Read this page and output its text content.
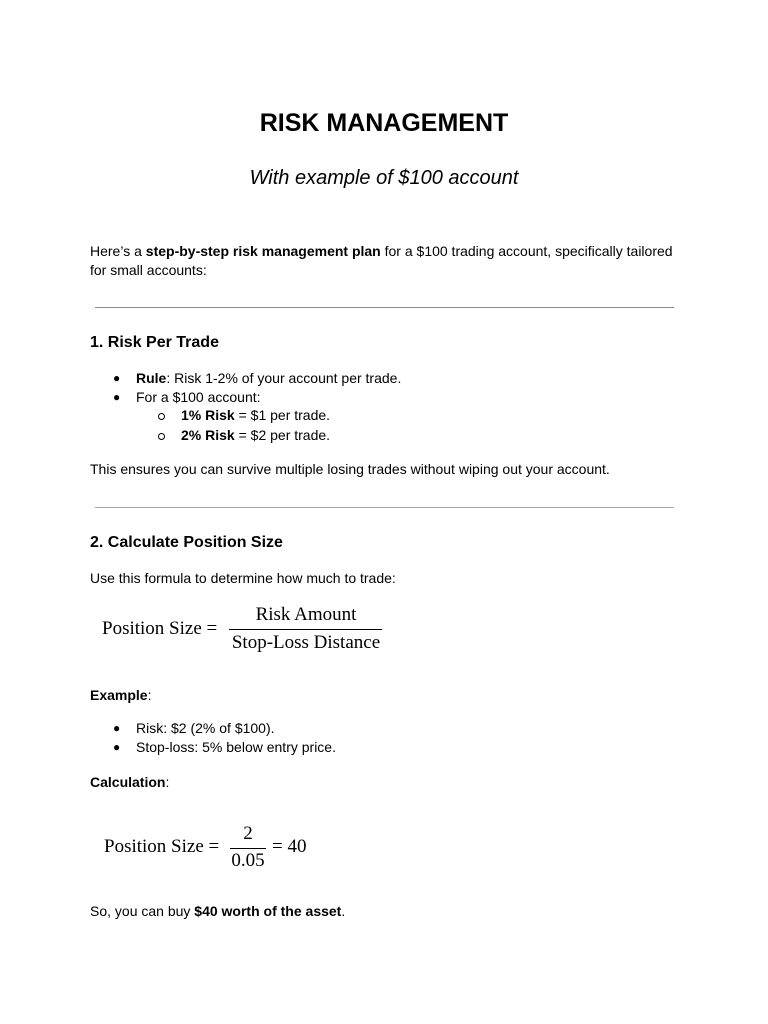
RISK MANAGEMENT
With example of $100 account
Here’s a step-by-step risk management plan for a $100 trading account, specifically tailored
for small accounts:
1. Risk Per Trade
● Rule: Risk 1-2% of your account per trade.
● For a $100 account:
1% Risk = $1 per trade.
2% Risk = $2 per trade.
This ensures you can survive multiple losing trades without wiping out your account.
2. Calculate Position Size
Use this formula to determine how much to trade:
Position Size =
Risk Amount
Stop-Loss Distance
Example:
● Risk: $2 (2% of $100).
● Stop-loss: 5% below entry price.
Calculation:
Position Size =
2
0.05
= 40
So, you can buy $40 worth of the asset.
